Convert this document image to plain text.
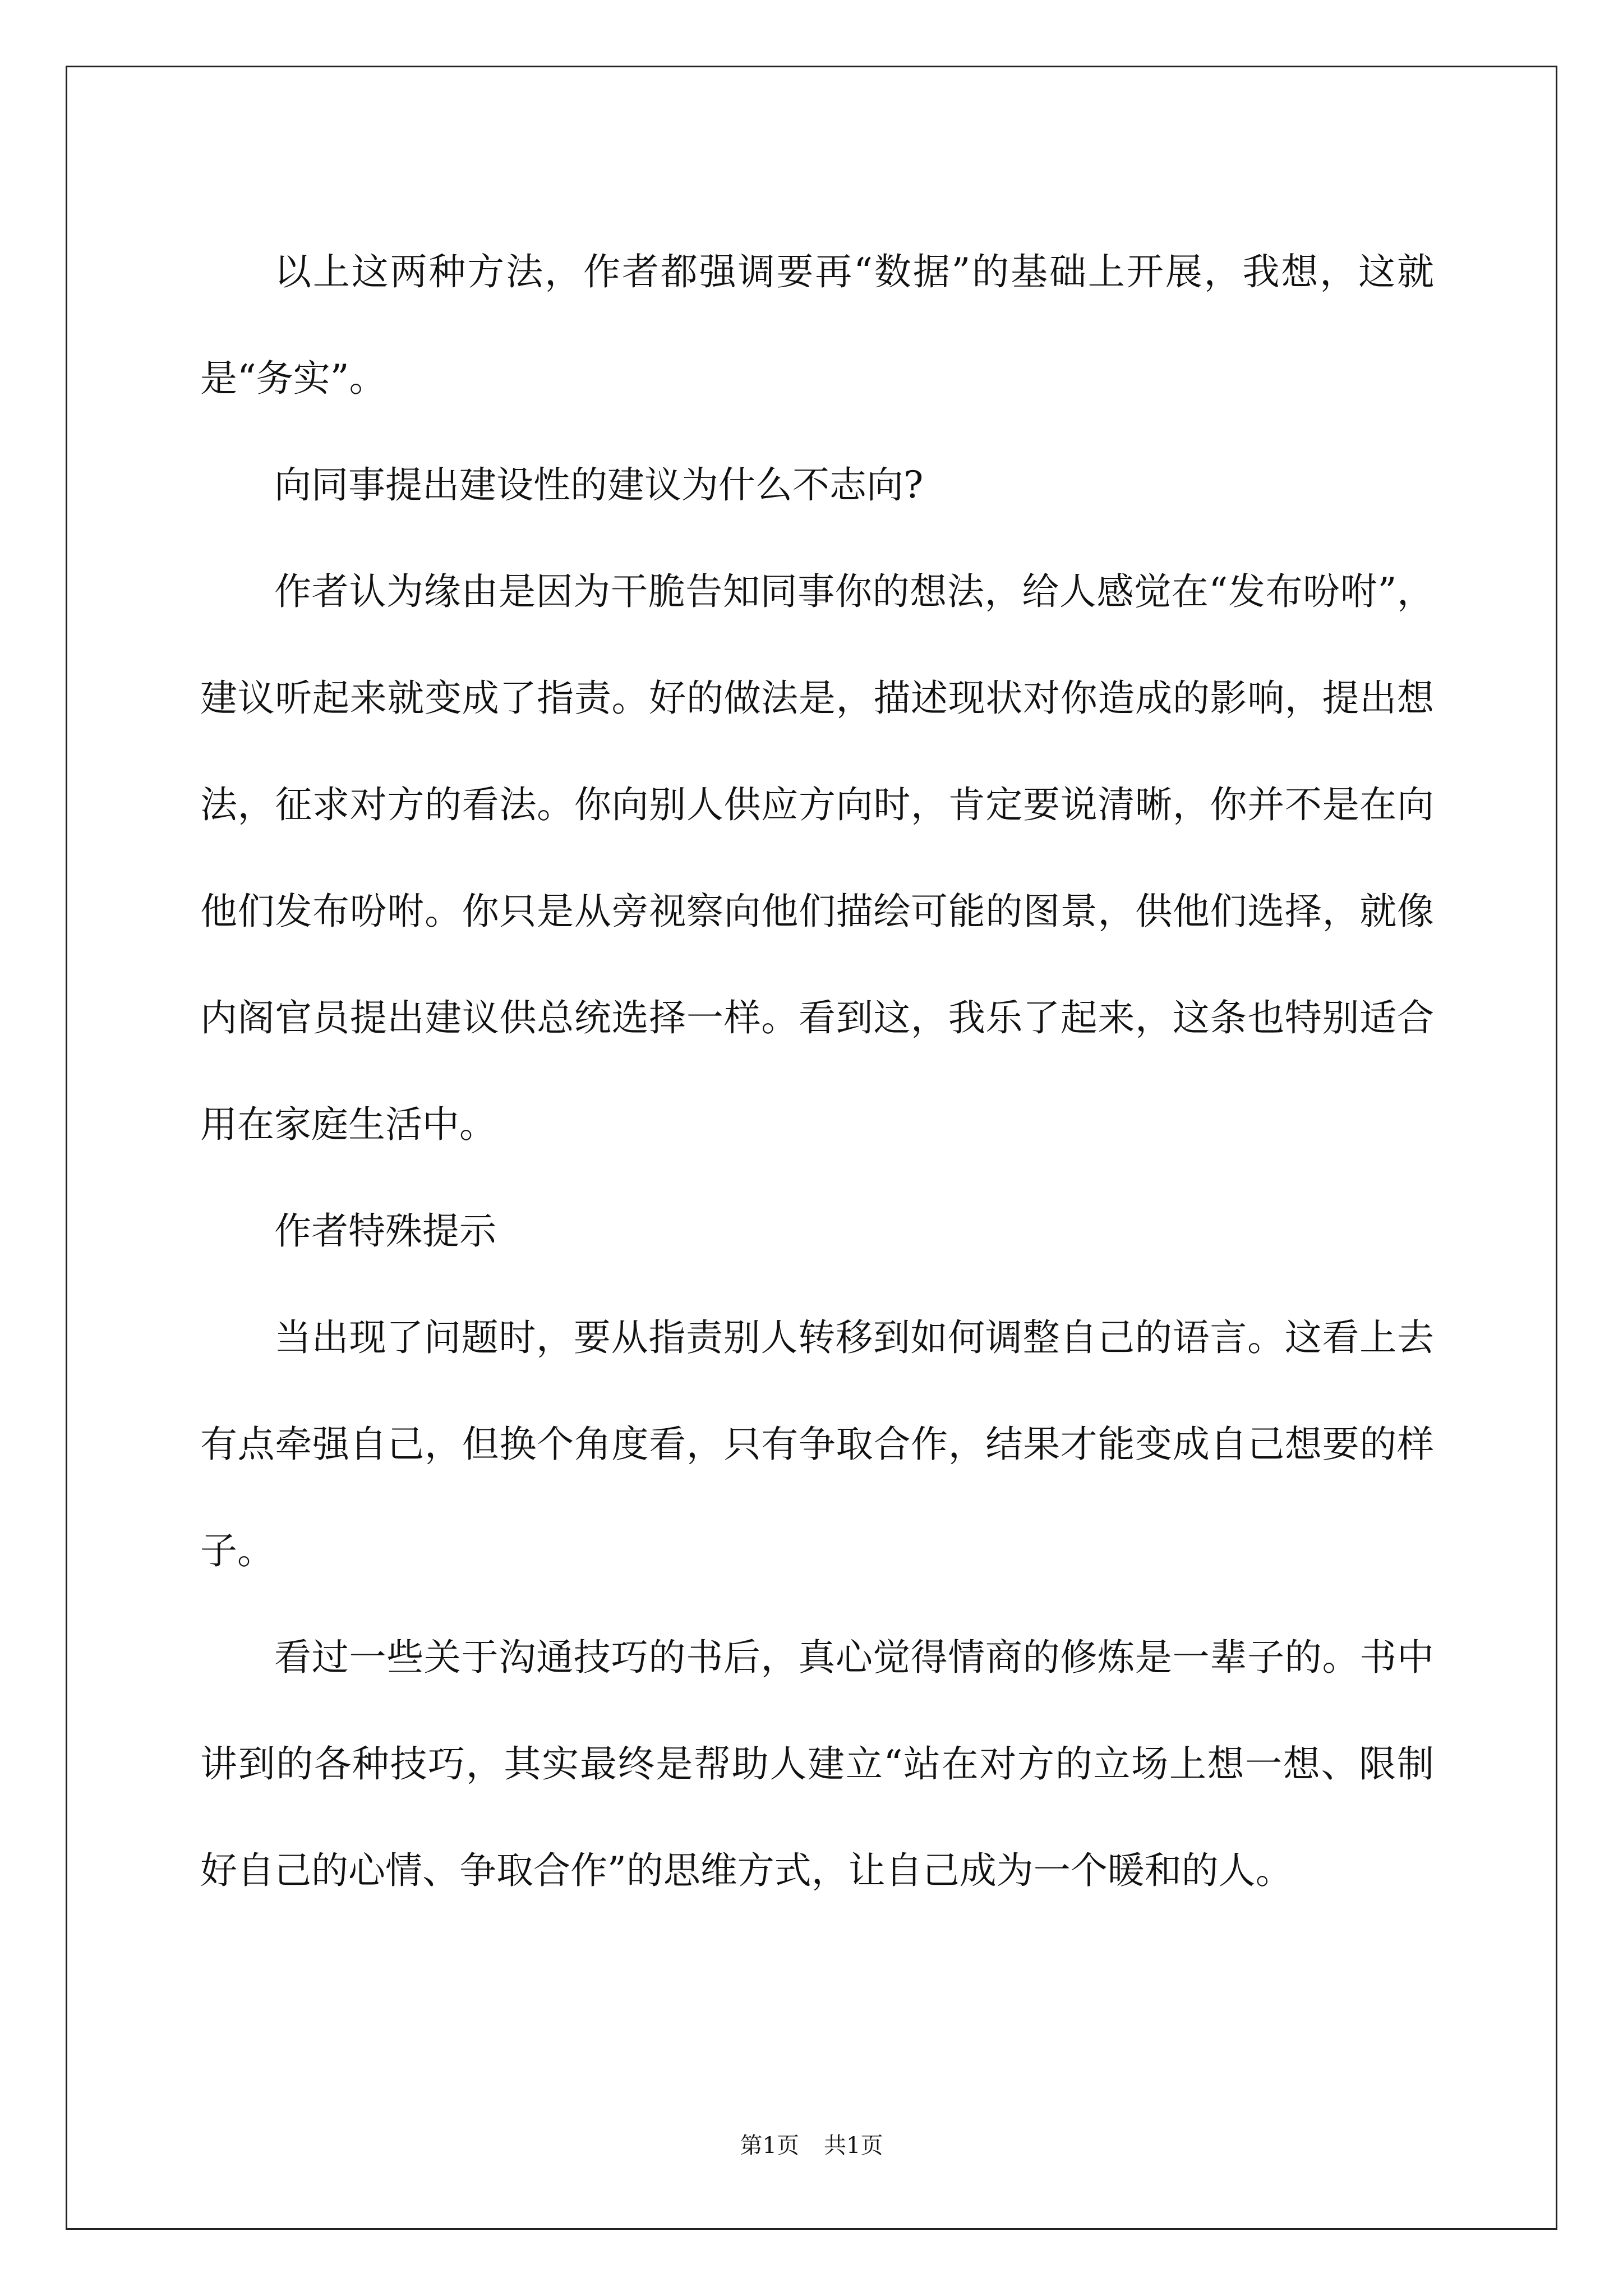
以上这两种方法，作者都强调要再“数据”的基础上开展，我想，这就是“务实”。

向同事提出建设性的建议为什么不志向?

作者认为缘由是因为干脆告知同事你的想法，给人感觉在“发布吩咐”，建议听起来就变成了指责。好的做法是，描述现状对你造成的影响，提出想法，征求对方的看法。你向别人供应方向时，肯定要说清晰，你并不是在向他们发布吩咐。你只是从旁视察向他们描绘可能的图景，供他们选择，就像内阁官员提出建议供总统选择一样。看到这，我乐了起来，这条也特别适合用在家庭生活中。

作者特殊提示

当出现了问题时，要从指责别人转移到如何调整自己的语言。这看上去有点牵强自己，但换个角度看，只有争取合作，结果才能变成自己想要的样子。

看过一些关于沟通技巧的书后，真心觉得情商的修炼是一辈子的。书中讲到的各种技巧，其实最终是帮助人建立“站在对方的立场上想一想、限制好自己的心情、争取合作”的思维方式，让自己成为一个暖和的人。

第1页 共1页
